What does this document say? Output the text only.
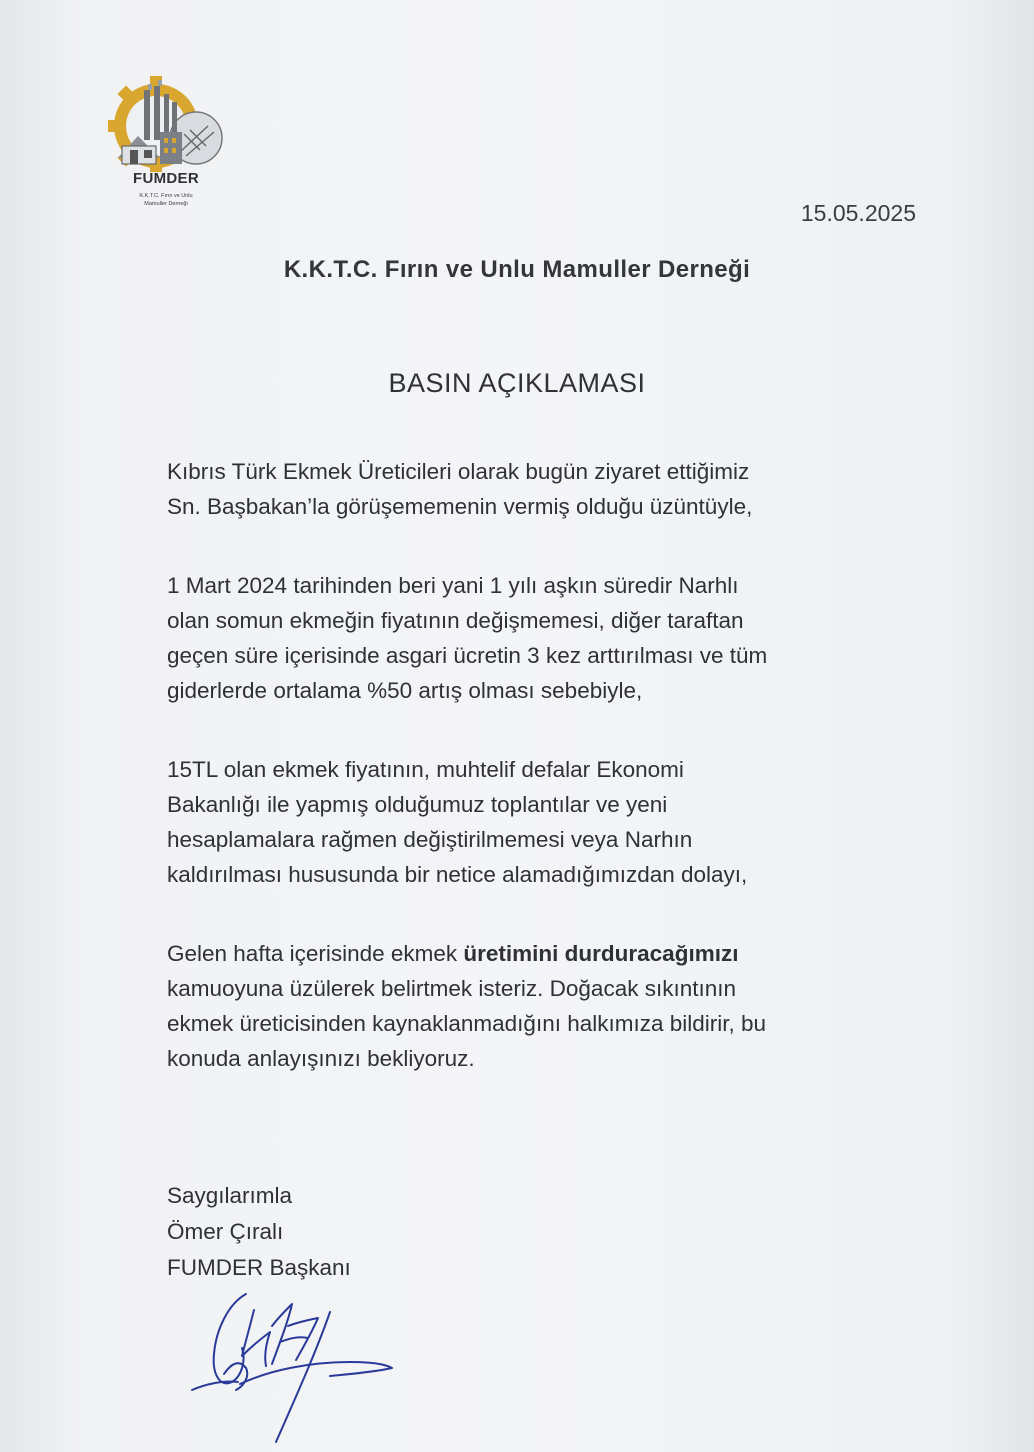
FUMDER
K.K.T.C. Fırın ve Unlu
Mamuller Derneği	15.05.2025
K.K.T.C. Fırın ve Unlu Mamuller Derneği
BASIN AÇIKLAMASI

Kıbrıs Türk Ekmek Üreticileri olarak bugün ziyaret ettiğimiz
Sn. Başbakan’la görüşememenin vermiş olduğu üzüntüyle,

1 Mart 2024 tarihinden beri yani 1 yılı aşkın süredir Narhlı
olan somun ekmeğin fiyatının değişmemesi, diğer taraftan
geçen süre içerisinde asgari ücretin 3 kez arttırılması ve tüm
giderlerde ortalama %50 artış olması sebebiyle,

15TL olan ekmek fiyatının, muhtelif defalar Ekonomi
Bakanlığı ile yapmış olduğumuz toplantılar ve yeni
hesaplamalara rağmen değiştirilmemesi veya Narhın
kaldırılması hususunda bir netice alamadığımızdan dolayı,

Gelen hafta içerisinde ekmek üretimini durduracağımızı
kamuoyuna üzülerek belirtmek isteriz. Doğacak sıkıntının
ekmek üreticisinden kaynaklanmadığını halkımıza bildirir, bu
konuda anlayışınızı bekliyoruz.

Saygılarımla
Ömer Çıralı
FUMDER Başkanı
